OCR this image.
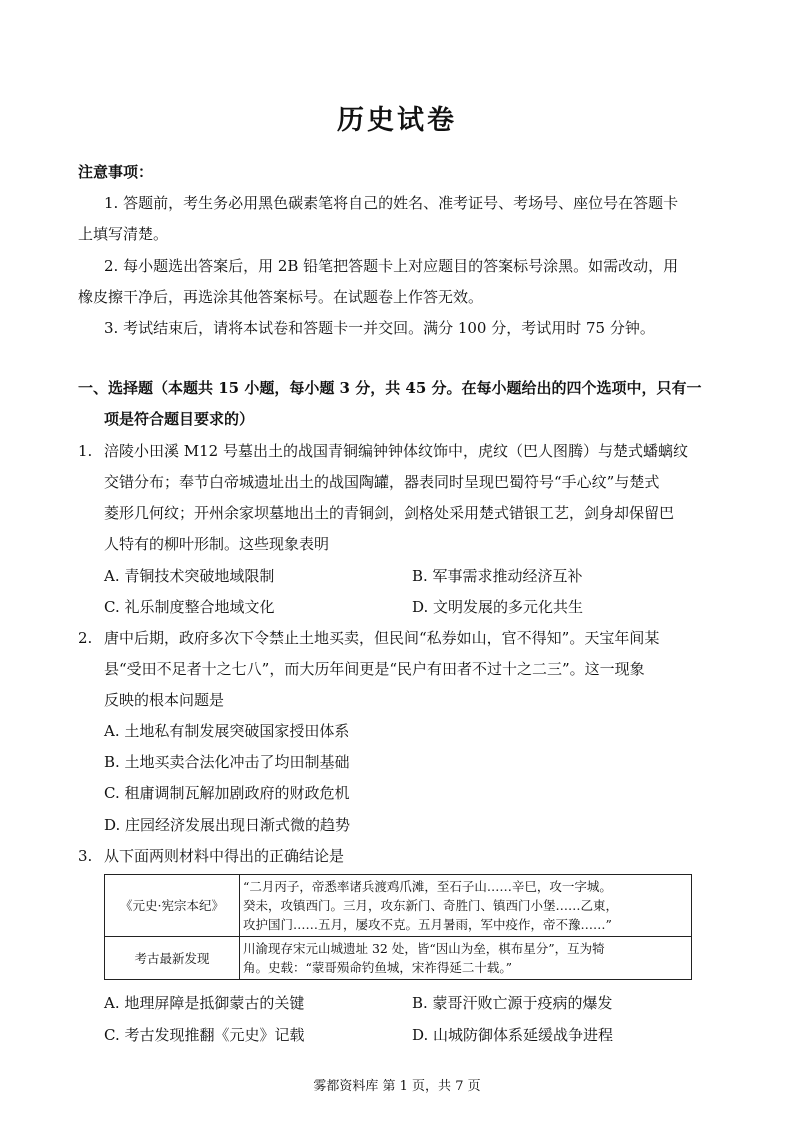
历史试卷
注意事项：
1. 答题前，考生务必用黑色碳素笔将自己的姓名、准考证号、考场号、座位号在答题卡
上填写清楚。
2. 每小题选出答案后，用 2B 铅笔把答题卡上对应题目的答案标号涂黑。如需改动，用
橡皮擦干净后，再选涂其他答案标号。在试题卷上作答无效。
3. 考试结束后，请将本试卷和答题卡一并交回。满分 100 分，考试用时 75 分钟。
一、选择题（本题共 15 小题，每小题 3 分，共 45 分。在每小题给出的四个选项中，只有一
项是符合题目要求的）
1. 涪陵小田溪 M12 号墓出土的战国青铜编钟钟体纹饰中，虎纹（巴人图腾）与楚式蟠螭纹
交错分布；奉节白帝城遗址出土的战国陶罐，器表同时呈现巴蜀符号“手心纹”与楚式
菱形几何纹；开州余家坝墓地出土的青铜剑，剑格处采用楚式错银工艺，剑身却保留巴
人特有的柳叶形制。这些现象表明
A. 青铜技术突破地域限制	B. 军事需求推动经济互补
C. 礼乐制度整合地域文化	D. 文明发展的多元化共生
2. 唐中后期，政府多次下令禁止土地买卖，但民间“私券如山，官不得知”。天宝年间某
县“受田不足者十之七八”，而大历年间更是“民户有田者不过十之二三”。这一现象
反映的根本问题是
A. 土地私有制发展突破国家授田体系
B. 土地买卖合法化冲击了均田制基础
C. 租庸调制瓦解加剧政府的财政危机
D. 庄园经济发展出现日渐式微的趋势
3. 从下面两则材料中得出的正确结论是
《元史·宪宗本纪》	“二月丙子，帝悉率诸兵渡鸡爪滩，至石子山……辛巳，攻一字城。
癸未，攻镇西门。三月，攻东新门、奇胜门、镇西门小堡……乙東，
攻护国门……五月，屡攻不克。五月暑雨，军中疫作，帝不豫……”

考古最新发现	川渝现存宋元山城遗址 32 处，皆“因山为垒，棋布星分”，互为犄
角。史载：“蒙哥殒命钓鱼城，宋祚得延二十载。”
A. 地理屏障是抵御蒙古的关键	B. 蒙哥汗败亡源于疫病的爆发
C. 考古发现推翻《元史》记载	D. 山城防御体系延缓战争进程
雾都资料库 第 1 页，共 7 页
